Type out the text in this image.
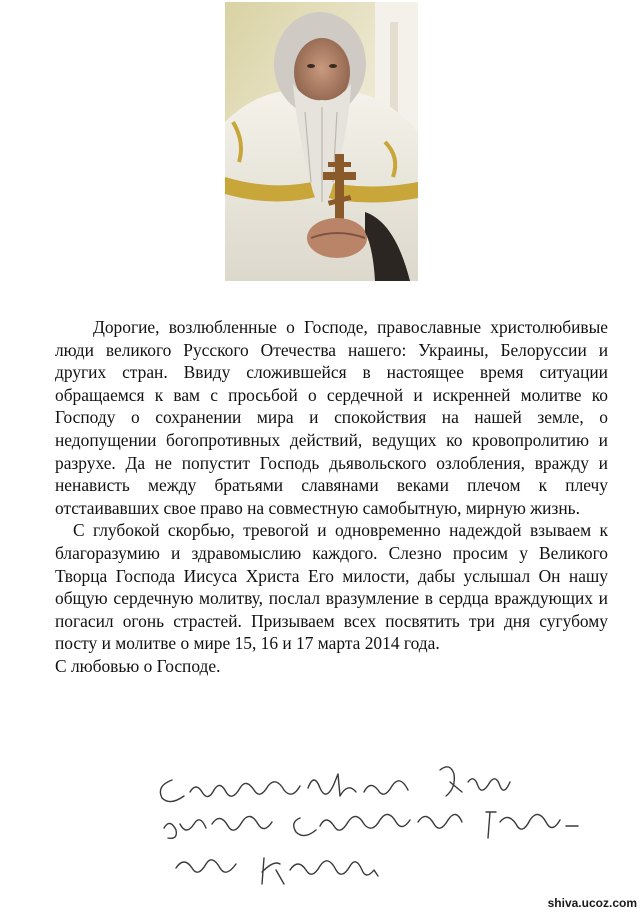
Дорогие, возлюбленные о Господе, православные христолюбивые люди великого Русского Отечества нашего: Украины, Белоруссии и других стран. Ввиду сложившейся в настоящее время ситуации обращаемся к вам с просьбой о сердечной и искренней молитве ко Господу о сохранении мира и спокойствия на нашей земле, о недопущении богопротивных действий, ведущих ко кровопролитию и разрухе. Да не попустит Господь дьявольского озлобления, вражду и ненависть между братьями славянами веками плечом к плечу отстаивавших свое право на совместную самобытную, мирную жизнь.

С глубокой скорбью, тревогой и одновременно надеждой взываем к благоразумию и здравомыслию каждого. Слезно просим у Великого Творца Господа Иисуса Христа Его милости, дабы услышал Он нашу общую сердечную молитву, послал вразумление в сердца враждующих и погасил огонь страстей. Призываем всех посвятить три дня сугубому посту и молитве о мире 15, 16 и 17 марта 2014 года.

С любовью о Господе.

shiva.ucoz.com
